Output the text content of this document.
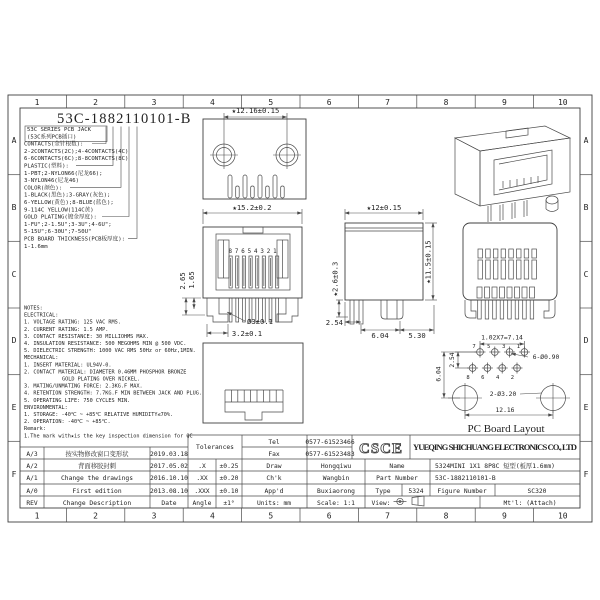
1	2	3	4	5	6	7	8	9	10
1	2	3	4	5	6	7	8	9	10
A
B
C
D
E
F
A
B
C
D
E
F
53C-1882110101-B
53C SERIES PCB JACK
(53C系列PCB插口)
CONTACTS(金针根数):
2-2CONTACTS(2C);4-4CONTACTS(4C)
6-6CONTACTS(6C);8-8CONTACTS(8C)
PLASTIC(塑料):
1-PBT;2-NYLON66(尼龙66);
3-NYLON46(尼龙46)
COLOR(颜色):
1-BLACK(黑色);3-GRAY(灰色);
6-YELLOW(黄色);8-BLUE(蓝色);
9-114C YELLOW(114C黄)
GOLD PLATING(镀金厚度):
1-FU";2-1.5U";3-3U";4-6U";
5-15U";6-30U";7-50U"
PCB BOARD THICKNESS(PCB板厚度):
1-1.6mm
NOTES:
ELECTRICAL:
1. VOLTAGE RATING: 125 VAC RMS.
2. CURRENT RATING: 1.5 AMP.
3. CONTACT RESISTANCE: 30 MILLIOHMS MAX.
4. INSULATION RESISTANCE: 500 MEGOHMS MIN @ 500 VDC.
5. DIELECTRIC STRENGTH: 1000 VAC RMS 50Hz or 60Hz,1MIN.
MECHANICAL:
1. INSERT MATERIAL: UL94V-0.
2. CONTACT MATERIAL: DIAMETER 0.46MM PHOSPHOR BRONZE
GOLD PLATING OVER NICKEL.
3. MATING/UNMATING FORCE: 2.3KG.F MAX.
4. RETENTION STRENGTH: 7.7KG.F MIN BETWEEN JACK AND PLUG.
5. OPERATING LIFE: 750 CYCLES MIN.
ENVIRONMENTAL:
1. STORAGE: -40℃ ~ +85℃ RELATIVE HUMIDITY≤70%.
2. OPERATION: -40℃ ~ +85℃.
Remark:
1.The mark with★is the key inspection dimension for QC
★12.16±0.15
87654321
★15.2±0.2
2.65 1.65
Ø3±0.1
3.2±0.1
★12±0.15
★11.5±0.15
★2.6±0.3
2.54
6.04	5.30
7 5 3 1
8 6 4 2
1.02X7=7.14
2.54
6.04
2-Ø3.20
6-Ø0.90
12.16
PC Board Layout
A/3	按实物修改窗口变形状	2019.03.18
A/2	背面移胶封刺	2017.05.02
A/1	Change the drawings	2016.10.10
A/0	First edition	2013.08.10
REV	Change Description	Date
Tolerances
.X ±0.25
.XX ±0.20
.XXX ±0.10
Angle ±1°
Tel	0577-61523466
Fax	0577-61523483 CSCE YUEQING SHICHUANG ELECTRONICS CO., LTD
Draw	Hongqiwu
Ch'k	Wangbin
App'd	Buxiaorong
Name	5324MINI 1X1 8P8C 短型(板厚1.6mm)
Part Number	53C-1882110101-B
Type	5324 Figure Number	SC320
Units: mm	Scale: 1:1	View:	Mt'l: (Attach)
